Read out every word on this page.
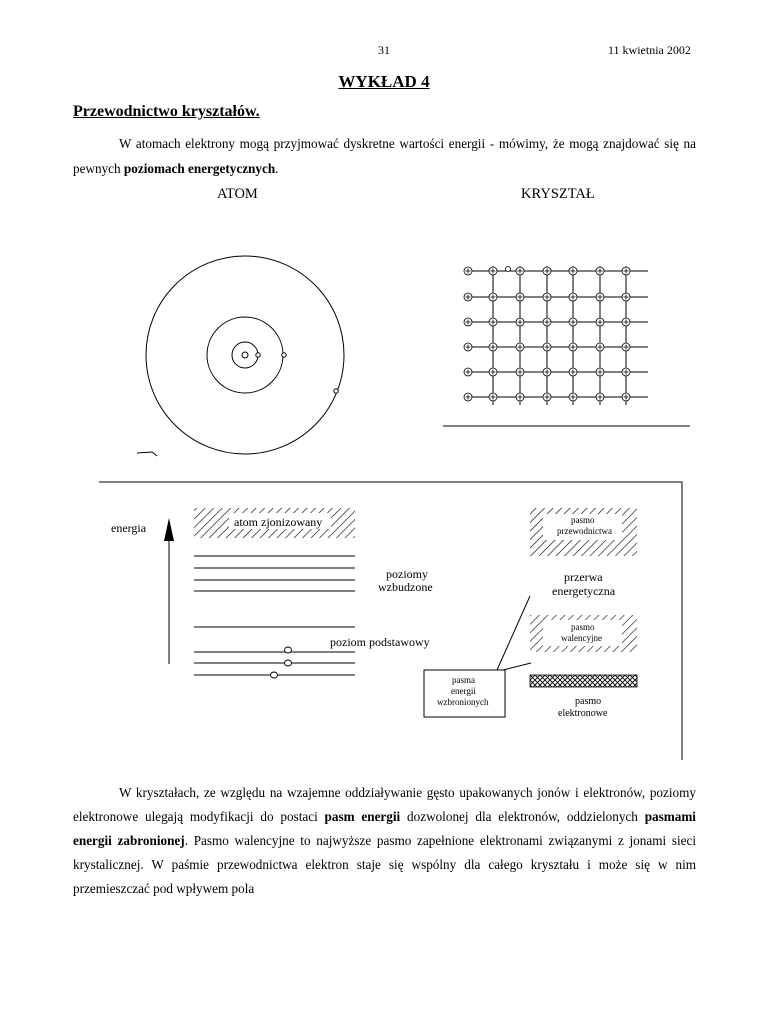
31	11 kwietnia 2002
WYKŁAD 4
Przewodnictwo kryształów.

W atomach elektrony mogą przyjmować dyskretne wartości energii - mówimy, że mogą znajdować się na pewnych poziomach energetycznych.

ATOM	KRYSZTAŁ
energia	atom zjonizowany
poziomy
wzbudzone
poziom podstawowy
pasmo
przewodnictwa
przerwa
energetyczna
pasmo
walencyjne
pasmo
elektronowe
pasma
energii
wzbronionych

W kryształach, ze względu na wzajemne oddziaływanie gęsto upakowanych jonów i elektronów, poziomy elektronowe ulegają modyfikacji do postaci pasm energii dozwolonej dla elektronów, oddzielonych pasmami energii zabronionej. Pasmo walencyjne to najwyższe pasmo zapełnione elektronami związanymi z jonami sieci krystalicznej. W paśmie przewodnictwa elektron staje się wspólny dla całego kryształu i może się w nim przemieszczać pod wpływem pola
